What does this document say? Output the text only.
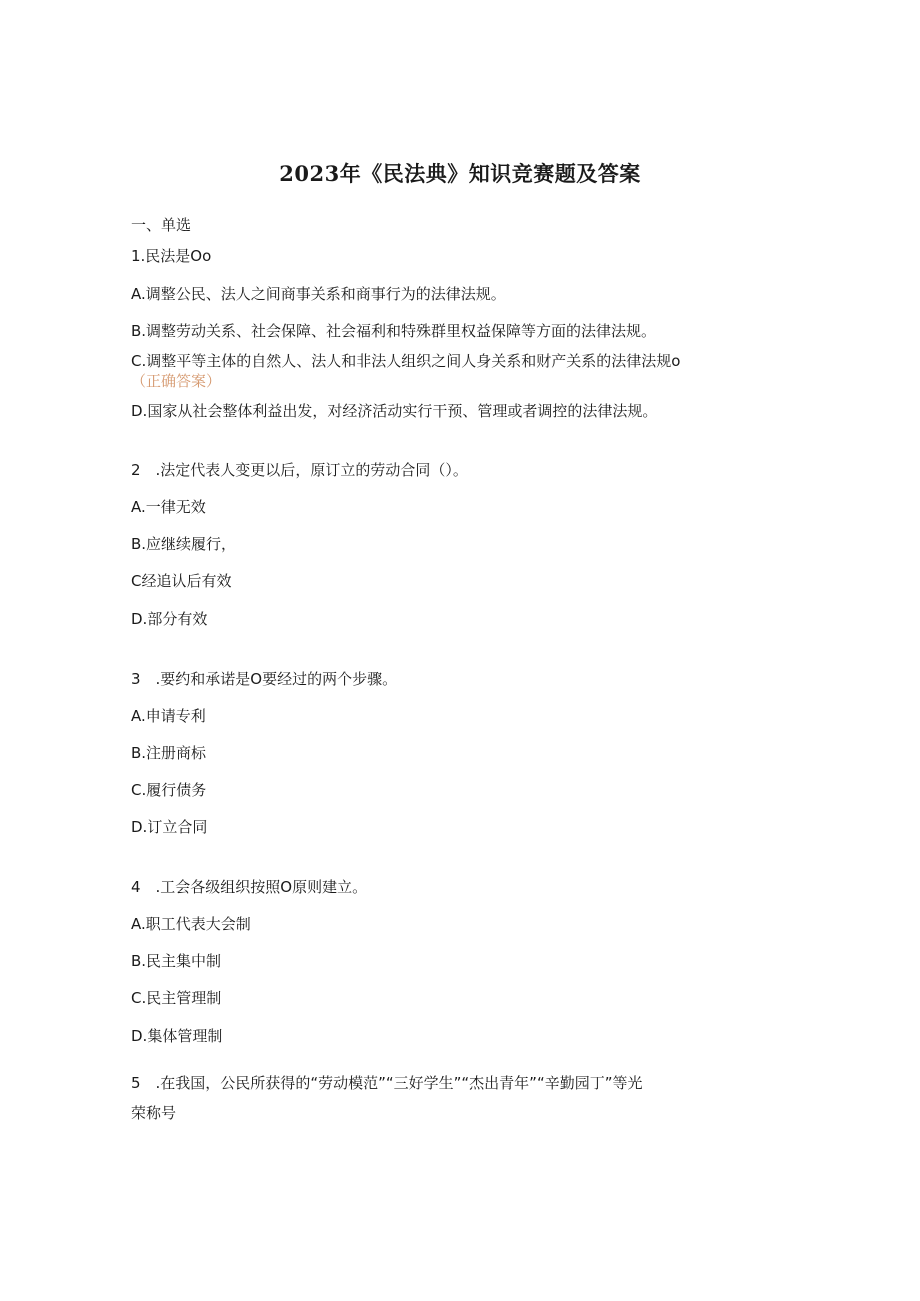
2023年《民法典》知识竞赛题及答案
一、单选
1.民法是Oo
A.调整公民、法人之间商事关系和商事行为的法律法规。
B.调整劳动关系、社会保障、社会福利和特殊群里权益保障等方面的法律法规。
C.调整平等主体的自然人、法人和非法人组织之间人身关系和财产关系的法律法规o
（正确答案）
D.国家从社会整体利益出发，对经济活动实行干预、管理或者调控的法律法规。
2　.法定代表人变更以后，原订立的劳动合同（）。
A.一律无效
B.应继续履行，
C经追认后有效
D.部分有效
3　.要约和承诺是O要经过的两个步骤。
A.申请专利
B.注册商标
C.履行债务
D.订立合同
4　.工会各级组织按照O原则建立。
A.职工代表大会制
B.民主集中制
C.民主管理制
D.集体管理制
5　.在我国，公民所获得的“劳动模范”“三好学生”“杰出青年”“辛勤园丁”等光
荣称号
